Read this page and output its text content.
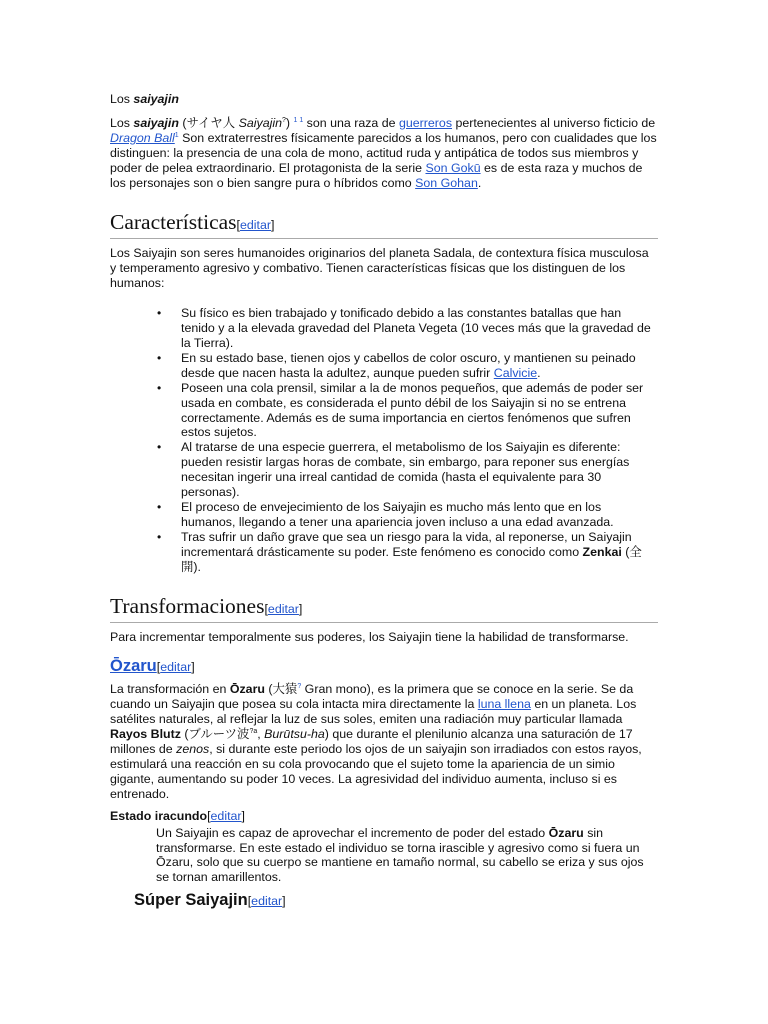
Los saiyajin

Los saiyajin (サイヤ人 Saiyajin?) $^{1 1}$ son una raza de guerreros pertenecientes al universo ficticio de Dragon Ball$^1$ Son extraterrestres físicamente parecidos a los humanos, pero con cualidades que los distinguen: la presencia de una cola de mono, actitud ruda y antipática de todos sus miembros y poder de pelea extraordinario. El protagonista de la serie Son Gokū es de esta raza y muchos de los personajes son o bien sangre pura o híbridos como Son Gohan.

Características[editar]

Los Saiyajin son seres humanoides originarios del planeta Sadala, de contextura física musculosa y temperamento agresivo y combativo. Tienen características físicas que los distinguen de los humanos:

• Su físico es bien trabajado y tonificado debido a las constantes batallas que han tenido y a la elevada gravedad del Planeta Vegeta (10 veces más que la gravedad de la Tierra).
• En su estado base, tienen ojos y cabellos de color oscuro, y mantienen su peinado desde que nacen hasta la adultez, aunque pueden sufrir Calvicie.
• Poseen una cola prensil, similar a la de monos pequeños, que además de poder ser usada en combate, es considerada el punto débil de los Saiyajin si no se entrena correctamente. Además es de suma importancia en ciertos fenómenos que sufren estos sujetos.
• Al tratarse de una especie guerrera, el metabolismo de los Saiyajin es diferente: pueden resistir largas horas de combate, sin embargo, para reponer sus energías necesitan ingerir una irreal cantidad de comida (hasta el equivalente para 30 personas).
• El proceso de envejecimiento de los Saiyajin es mucho más lento que en los humanos, llegando a tener una apariencia joven incluso a una edad avanzada.
• Tras sufrir un daño grave que sea un riesgo para la vida, al reponerse, un Saiyajin incrementará drásticamente su poder. Este fenómeno es conocido como Zenkai (全開).
Transformaciones[editar]

Para incrementar temporalmente sus poderes, los Saiyajin tiene la habilidad de transformarse.

Ōzaru[editar]

La transformación en Ōzaru (大猿? Gran mono), es la primera que se conoce en la serie. Se da cuando un Saiyajin que posea su cola intacta mira directamente la luna llena en un planeta. Los satélites naturales, al reflejar la luz de sus soles, emiten una radiación muy particular llamada Rayos Blutz (ブルーツ波$^{?a}$, Burūtsu-ha) que durante el plenilunio alcanza una saturación de 17 millones de zenos, si durante este periodo los ojos de un saiyajin son irradiados con estos rayos, estimulará una reacción en su cola provocando que el sujeto tome la apariencia de un simio gigante, aumentando su poder 10 veces. La agresividad del individuo aumenta, incluso si es entrenado.

Estado iracundo[editar]

Un Saiyajin es capaz de aprovechar el incremento de poder del estado Ōzaru sin transformarse. En este estado el individuo se torna irascible y agresivo como si fuera un Ōzaru, solo que su cuerpo se mantiene en tamaño normal, su cabello se eriza y sus ojos se tornan amarillentos.

Súper Saiyajin[editar]
